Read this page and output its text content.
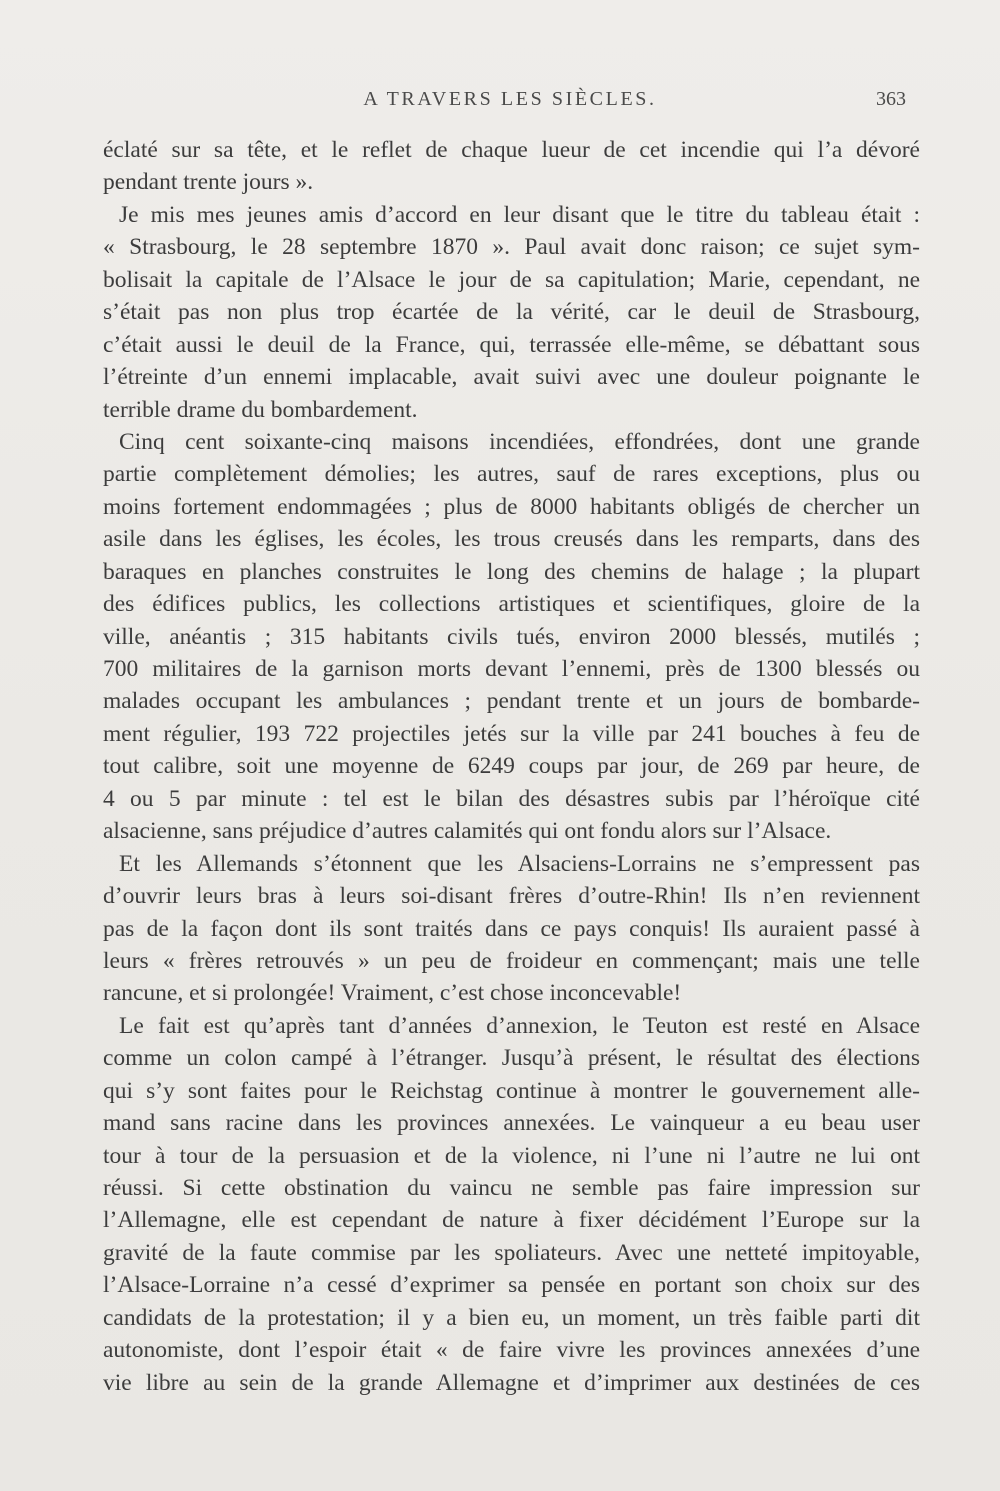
A TRAVERS LES SIÈCLES.	363
éclaté sur sa tête, et le reflet de chaque lueur de cet incendie qui l’a dévoré
pendant trente jours ».
Je mis mes jeunes amis d’accord en leur disant que le titre du tableau était :
« Strasbourg, le 28 septembre 1870 ». Paul avait donc raison; ce sujet sym-
bolisait la capitale de l’Alsace le jour de sa capitulation; Marie, cependant, ne
s’était pas non plus trop écartée de la vérité, car le deuil de Strasbourg,
c’était aussi le deuil de la France, qui, terrassée elle-même, se débattant sous
l’étreinte d’un ennemi implacable, avait suivi avec une douleur poignante le
terrible drame du bombardement.
Cinq cent soixante-cinq maisons incendiées, effondrées, dont une grande
partie complètement démolies; les autres, sauf de rares exceptions, plus ou
moins fortement endommagées ; plus de 8000 habitants obligés de chercher un
asile dans les églises, les écoles, les trous creusés dans les remparts, dans des
baraques en planches construites le long des chemins de halage ; la plupart
des édifices publics, les collections artistiques et scientifiques, gloire de la
ville, anéantis ; 315 habitants civils tués, environ 2000 blessés, mutilés ;
700 militaires de la garnison morts devant l’ennemi, près de 1300 blessés ou
malades occupant les ambulances ; pendant trente et un jours de bombarde-
ment régulier, 193 722 projectiles jetés sur la ville par 241 bouches à feu de
tout calibre, soit une moyenne de 6249 coups par jour, de 269 par heure, de
4 ou 5 par minute : tel est le bilan des désastres subis par l’héroïque cité
alsacienne, sans préjudice d’autres calamités qui ont fondu alors sur l’Alsace.
Et les Allemands s’étonnent que les Alsaciens-Lorrains ne s’empressent pas
d’ouvrir leurs bras à leurs soi-disant frères d’outre-Rhin! Ils n’en reviennent
pas de la façon dont ils sont traités dans ce pays conquis! Ils auraient passé à
leurs « frères retrouvés » un peu de froideur en commençant; mais une telle
rancune, et si prolongée! Vraiment, c’est chose inconcevable!
Le fait est qu’après tant d’années d’annexion, le Teuton est resté en Alsace
comme un colon campé à l’étranger. Jusqu’à présent, le résultat des élections
qui s’y sont faites pour le Reichstag continue à montrer le gouvernement alle-
mand sans racine dans les provinces annexées. Le vainqueur a eu beau user
tour à tour de la persuasion et de la violence, ni l’une ni l’autre ne lui ont
réussi. Si cette obstination du vaincu ne semble pas faire impression sur
l’Allemagne, elle est cependant de nature à fixer décidément l’Europe sur la
gravité de la faute commise par les spoliateurs. Avec une netteté impitoyable,
l’Alsace-Lorraine n’a cessé d’exprimer sa pensée en portant son choix sur des
candidats de la protestation; il y a bien eu, un moment, un très faible parti dit
autonomiste, dont l’espoir était « de faire vivre les provinces annexées d’une
vie libre au sein de la grande Allemagne et d’imprimer aux destinées de ces
